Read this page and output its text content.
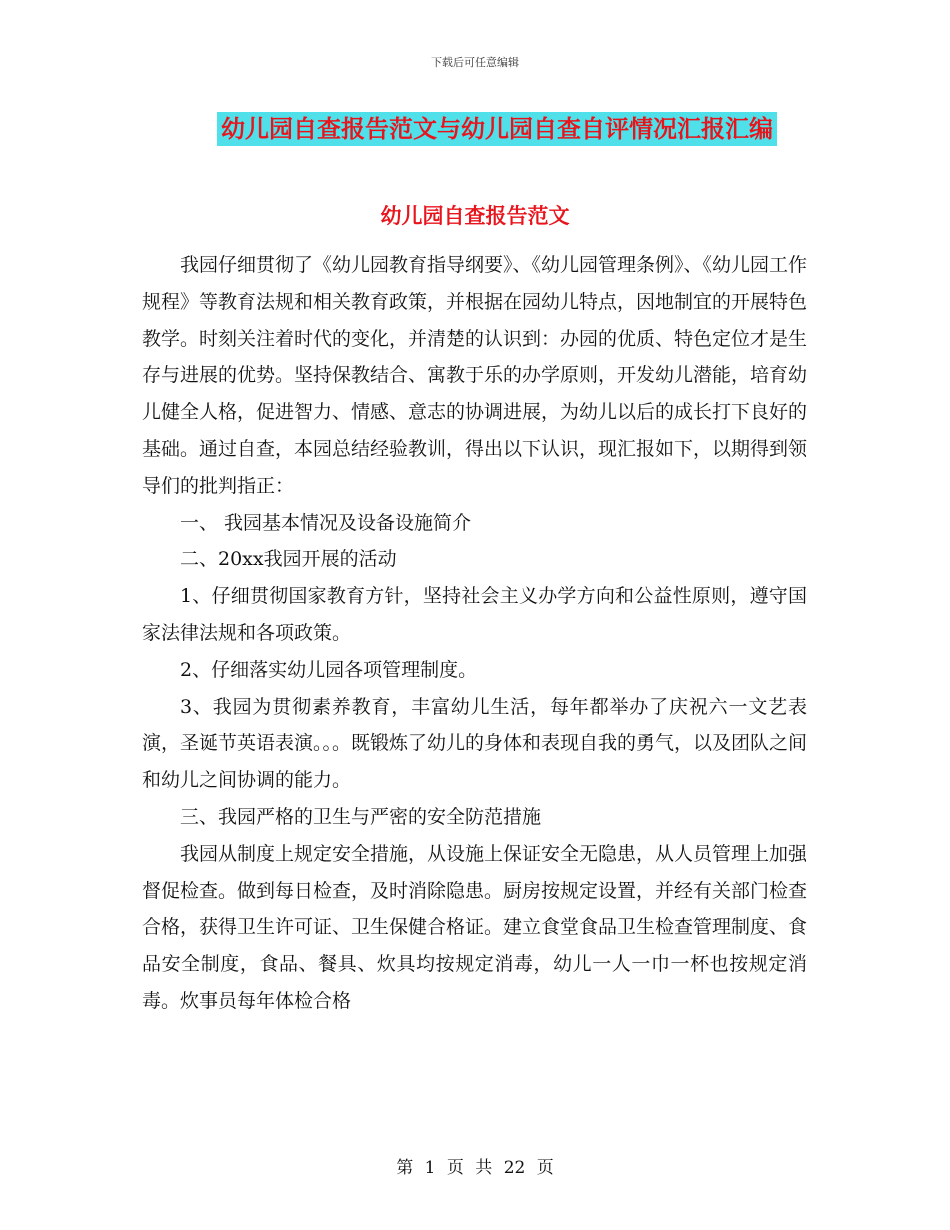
下载后可任意编辑
幼儿园自查报告范文与幼儿园自查自评情况汇报汇编
幼儿园自查报告范文

我园仔细贯彻了《幼儿园教育指导纲要》、《幼儿园管理条例》、《幼儿园工作规程》等教育法规和相关教育政策，并根据在园幼儿特点，因地制宜的开展特色教学。时刻关注着时代的变化，并清楚的认识到：办园的优质、特色定位才是生存与进展的优势。坚持保教结合、寓教于乐的办学原则，开发幼儿潜能，培育幼儿健全人格，促进智力、情感、意志的协调进展，为幼儿以后的成长打下良好的基础。通过自查，本园总结经验教训，得出以下认识，现汇报如下，以期得到领导们的批判指正：

一、 我园基本情况及设备设施简介

二、20xx我园开展的活动

1、仔细贯彻国家教育方针，坚持社会主义办学方向和公益性原则，遵守国家法律法规和各项政策。

2、仔细落实幼儿园各项管理制度。

3、我园为贯彻素养教育，丰富幼儿生活，每年都举办了庆祝六一文艺表演，圣诞节英语表演。。。既锻炼了幼儿的身体和表现自我的勇气，以及团队之间和幼儿之间协调的能力。

三、我园严格的卫生与严密的安全防范措施

我园从制度上规定安全措施，从设施上保证安全无隐患，从人员管理上加强督促检查。做到每日检查，及时消除隐患。厨房按规定设置，并经有关部门检查合格，获得卫生许可证、卫生保健合格证。建立食堂食品卫生检查管理制度、食品安全制度，食品、餐具、炊具均按规定消毒，幼儿一人一巾一杯也按规定消毒。炊事员每年体检合格

第 1 页 共 22 页
